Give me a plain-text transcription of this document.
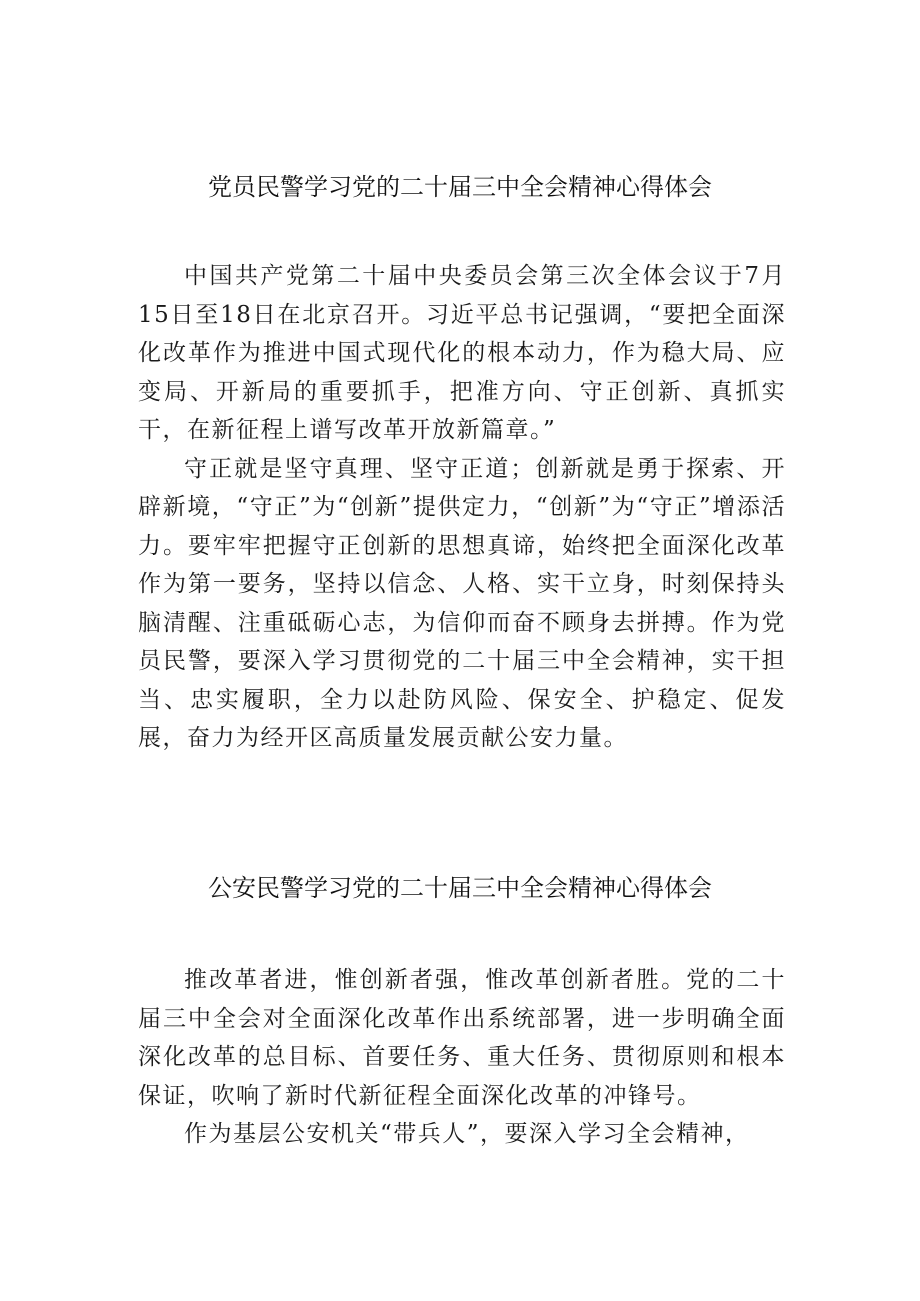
党员民警学习党的二十届三中全会精神心得体会

中国共产党第二十届中央委员会第三次全体会议于7月15日至18日在北京召开。习近平总书记强调，“要把全面深化改革作为推进中国式现代化的根本动力，作为稳大局、应变局、开新局的重要抓手，把准方向、守正创新、真抓实干，在新征程上谱写改革开放新篇章。”

守正就是坚守真理、坚守正道；创新就是勇于探索、开辟新境，“守正”为“创新”提供定力，“创新”为“守正”增添活力。要牢牢把握守正创新的思想真谛，始终把全面深化改革作为第一要务，坚持以信念、人格、实干立身，时刻保持头脑清醒、注重砥砺心志，为信仰而奋不顾身去拼搏。作为党员民警，要深入学习贯彻党的二十届三中全会精神，实干担当、忠实履职，全力以赴防风险、保安全、护稳定、促发展，奋力为经开区高质量发展贡献公安力量。

公安民警学习党的二十届三中全会精神心得体会

推改革者进，惟创新者强，惟改革创新者胜。党的二十届三中全会对全面深化改革作出系统部署，进一步明确全面深化改革的总目标、首要任务、重大任务、贯彻原则和根本保证，吹响了新时代新征程全面深化改革的冲锋号。

作为基层公安机关“带兵人”，要深入学习全会精神，
